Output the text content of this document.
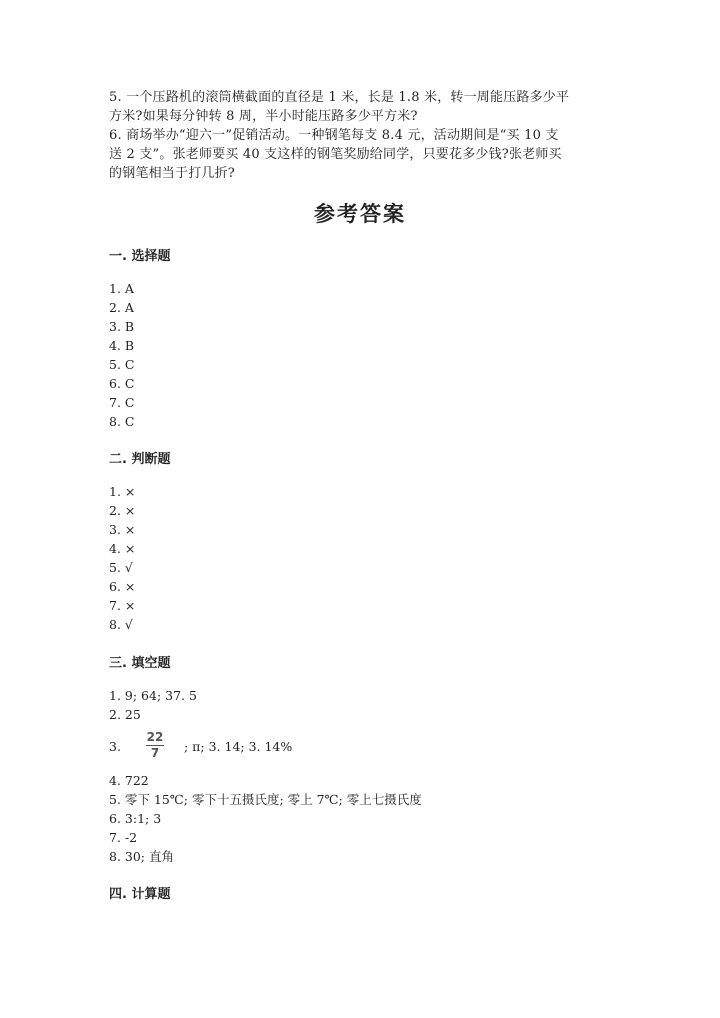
5. 一个压路机的滚筒横截面的直径是 1 米，长是 1.8 米，转一周能压路多少平
方米?如果每分钟转 8 周，半小时能压路多少平方米?
6. 商场举办“迎六一”促销活动。一种钢笔每支 8.4 元，活动期间是“买 10 支
送 2 支”。张老师要买 40 支这样的钢笔奖励给同学，只要花多少钱?张老师买
的钢笔相当于打几折?
参考答案
一. 选择题
1. A
2. A
3. B
4. B
5. C
6. C
7. C
8. C
二. 判断题
1. ×
2. ×
3. ×
4. ×
5. √
6. ×
7. ×
8. √
三. 填空题
1. 9; 64; 37. 5
2. 25
3.
22
7	; π; 3. 14; 3. 14%
4. 722
5. 零下 15℃; 零下十五摄氏度; 零上 7℃; 零上七摄氏度
6. 3:1; 3
7. -2
8. 30; 直角
四. 计算题
